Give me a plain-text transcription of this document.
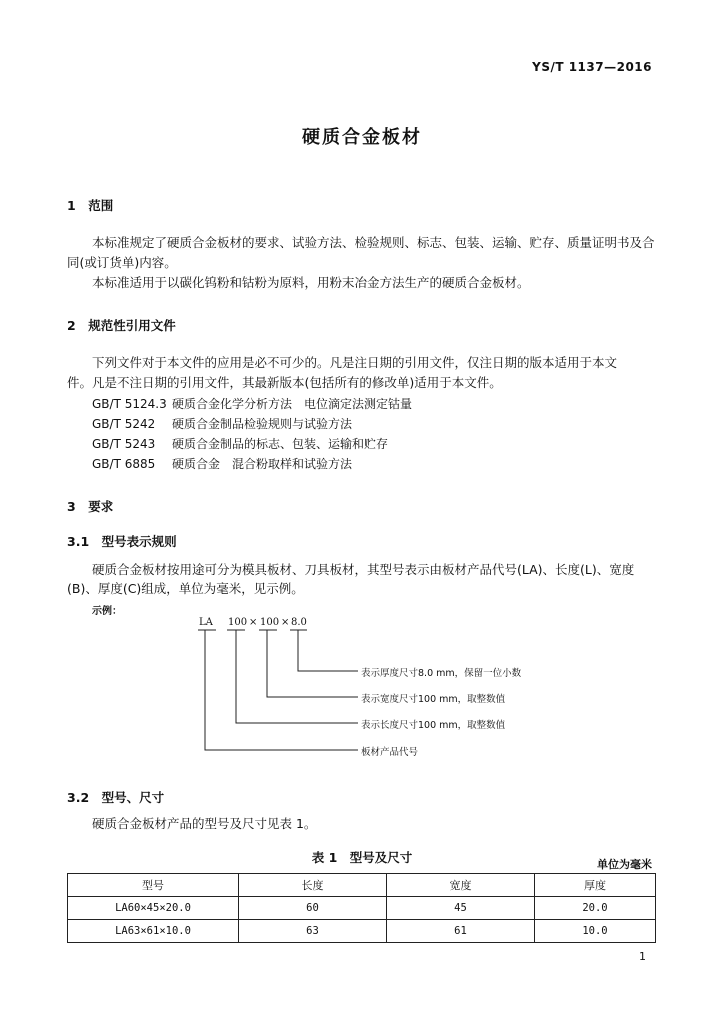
YS/T 1137—2016
硬质合金板材
1　范围
本标准规定了硬质合金板材的要求、试验方法、检验规则、标志、包装、运输、贮存、质量证明书及合
同(或订货单)内容。
本标准适用于以碳化钨粉和钴粉为原料，用粉末冶金方法生产的硬质合金板材。
2　规范性引用文件
下列文件对于本文件的应用是必不可少的。凡是注日期的引用文件，仅注日期的版本适用于本文
件。凡是不注日期的引用文件，其最新版本(包括所有的修改单)适用于本文件。
GB/T 5124.3 硬质合金化学分析方法　电位滴定法测定钴量
GB/T 5242 硬质合金制品检验规则与试验方法
GB/T 5243 硬质合金制品的标志、包装、运输和贮存
GB/T 6885 硬质合金　混合粉取样和试验方法
3　要求
3.1　型号表示规则
硬质合金板材按用途可分为模具板材、刀具板材，其型号表示由板材产品代号(LA)、长度(L)、宽度
(B)、厚度(C)组成，单位为毫米，见示例。
示例：
LA 100 × 100 × 8.0
表示厚度尺寸8.0 mm，保留一位小数
表示宽度尺寸100 mm，取整数值
表示长度尺寸100 mm，取整数值
板材产品代号
3.2　型号、尺寸
硬质合金板材产品的型号及尺寸见表 1。
表 1　型号及尺寸	单位为毫米
型号	长度	宽度	厚度
LA60×45×20.0	60	45	20.0
LA63×61×10.0	63	61	10.0
1
